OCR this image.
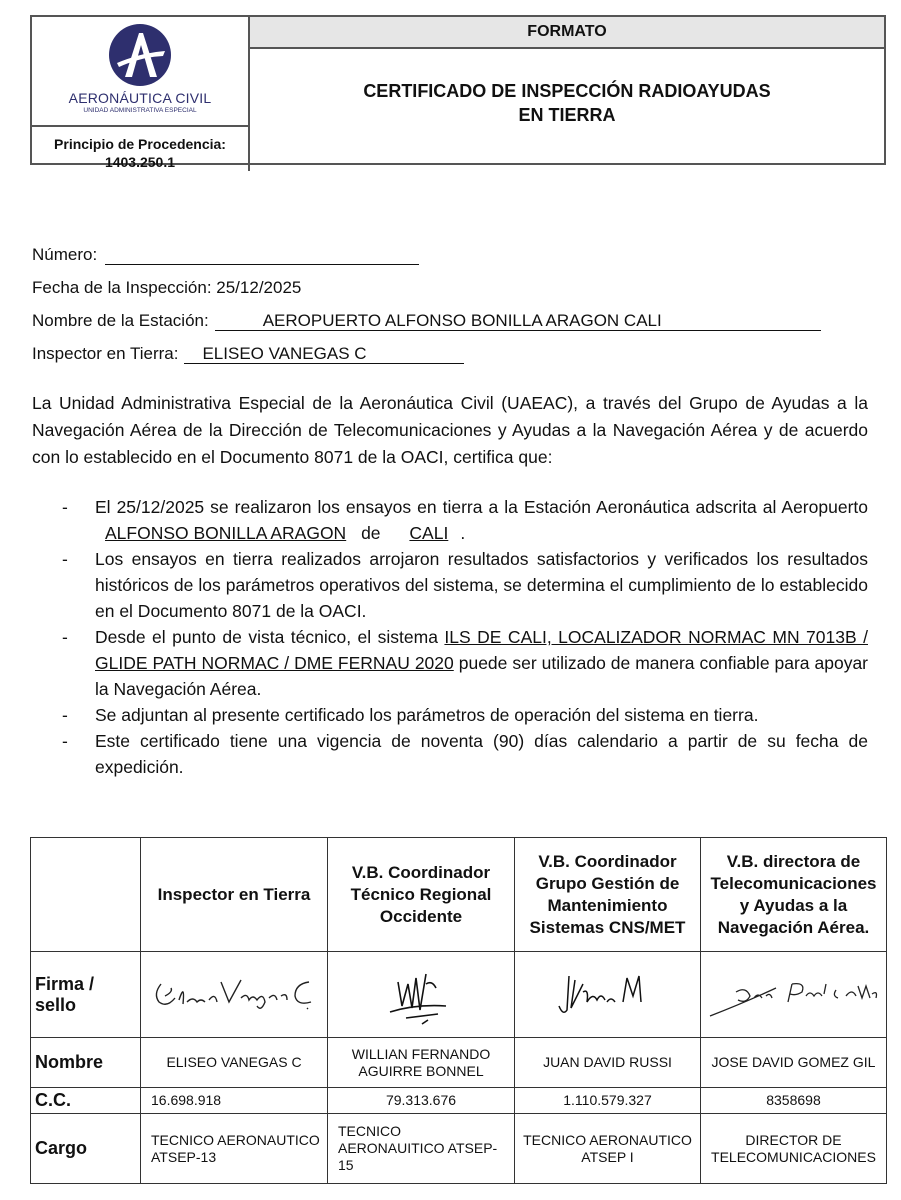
AERONÁUTICA CIVIL
UNIDAD ADMINISTRATIVA ESPECIAL
Principio de Procedencia:
1403.250.1
FORMATO
CERTIFICADO DE INSPECCIÓN RADIOAYUDAS
EN TIERRA
Número:
Fecha de la Inspección: 25/12/2025
Nombre de la Estación:	AEROPUERTO ALFONSO BONILLA ARAGON CALI
Inspector en Tierra:	ELISEO VANEGAS C
La Unidad Administrativa Especial de la Aeronáutica Civil (UAEAC), a través del Grupo de Ayudas a la Navegación Aérea de la Dirección de Telecomunicaciones y Ayudas a la Navegación Aérea y de acuerdo con lo establecido en el Documento 8071 de la OACI, certifica que:
- El 25/12/2025 se realizaron los ensayos en tierra a la Estación Aeronáutica adscrita al Aeropuerto ALFONSO BONILLA ARAGON de CALI .
- Los ensayos en tierra realizados arrojaron resultados satisfactorios y verificados los resultados históricos de los parámetros operativos del sistema, se determina el cumplimiento de lo establecido en el Documento 8071 de la OACI.
- Desde el punto de vista técnico, el sistema ILS DE CALI, LOCALIZADOR NORMAC MN 7013B / GLIDE PATH NORMAC / DME FERNAU 2020 puede ser utilizado de manera confiable para apoyar la Navegación Aérea.
- Se adjuntan al presente certificado los parámetros de operación del sistema en tierra.
- Este certificado tiene una vigencia de noventa (90) días calendario a partir de su fecha de expedición.
	Inspector en Tierra	V.B. Coordinador Técnico Regional Occidente	V.B. Coordinador Grupo Gestión de Mantenimiento Sistemas CNS/MET	V.B. directora de Telecomunicaciones y Ayudas a la Navegación Aérea.
Firma / sello				
Nombre	ELISEO VANEGAS C	WILLIAN FERNANDO AGUIRRE BONNEL	JUAN DAVID RUSSI	JOSE DAVID GOMEZ GIL
C.C.	16.698.918	79.313.676	1.110.579.327	8358698
Cargo	TECNICO AERONAUTICO ATSEP-13	TECNICO AERONAUITICO ATSEP-15	TECNICO AERONAUTICO ATSEP I	DIRECTOR DE TELECOMUNICACIONES
